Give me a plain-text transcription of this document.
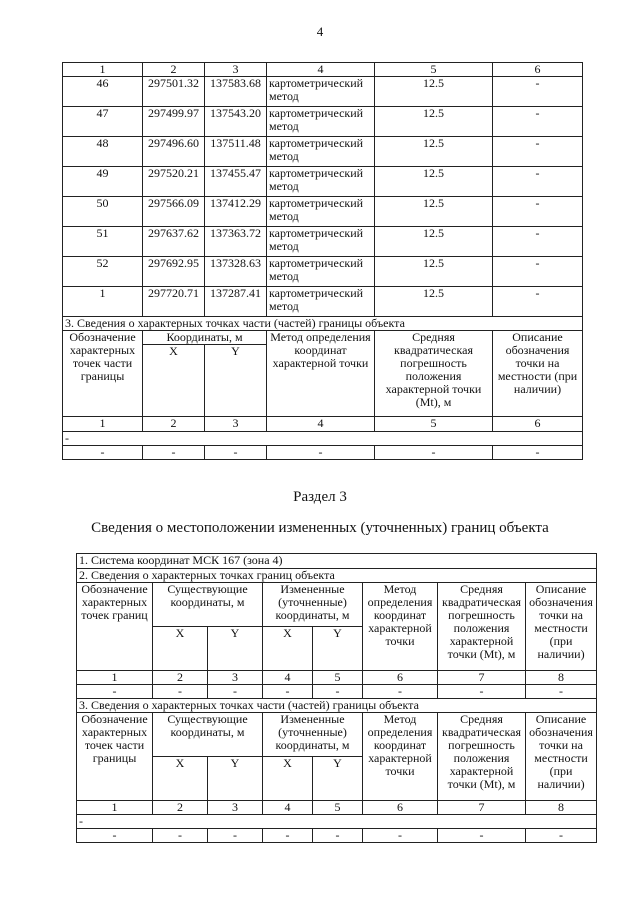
4
1	2	3	4	5	6
46	297501.32	137583.68	картометрический метод	12.5	-
47	297499.97	137543.20	картометрический метод	12.5	-
48	297496.60	137511.48	картометрический метод	12.5	-
49	297520.21	137455.47	картометрический метод	12.5	-
50	297566.09	137412.29	картометрический метод	12.5	-
51	297637.62	137363.72	картометрический метод	12.5	-
52	297692.95	137328.63	картометрический метод	12.5	-
1	297720.71	137287.41	картометрический метод	12.5	-
3. Сведения о характерных точках части (частей) границы объекта					
Обозначение характерных точек части границы	Координаты, м		Метод определения координат характерной точки	Средняя квадратическая погрешность положения характерной точки (Mt), м	Описание обозначения точки на местности (при наличии)
	X	Y			
1	2	3	4	5	6
-					
-	-	-	-	-	-
Раздел 3
Сведения о местоположении измененных (уточненных) границ объекта
1. Система координат МСК 167 (зона 4)							
2. Сведения о характерных точках границ объекта							
Обозначение характерных точек границ	Существующие координаты, м		Измененные (уточненные) координаты, м		Метод определения координат характерной точки	Средняя квадратическая погрешность положения характерной точки (Mt), м	Описание обозначения точки на местности (при наличии)
	X	Y	X	Y			
1	2	3	4	5	6	7	8
-	-	-	-	-	-	-	-
3. Сведения о характерных точках части (частей) границы объекта							
Обозначение характерных точек части границы	Существующие координаты, м		Измененные (уточненные) координаты, м		Метод определения координат характерной точки	Средняя квадратическая погрешность положения характерной точки (Mt), м	Описание обозначения точки на местности (при наличии)
	X	Y	X	Y			
1	2	3	4	5	6	7	8
-							
-	-	-	-	-	-	-	-
